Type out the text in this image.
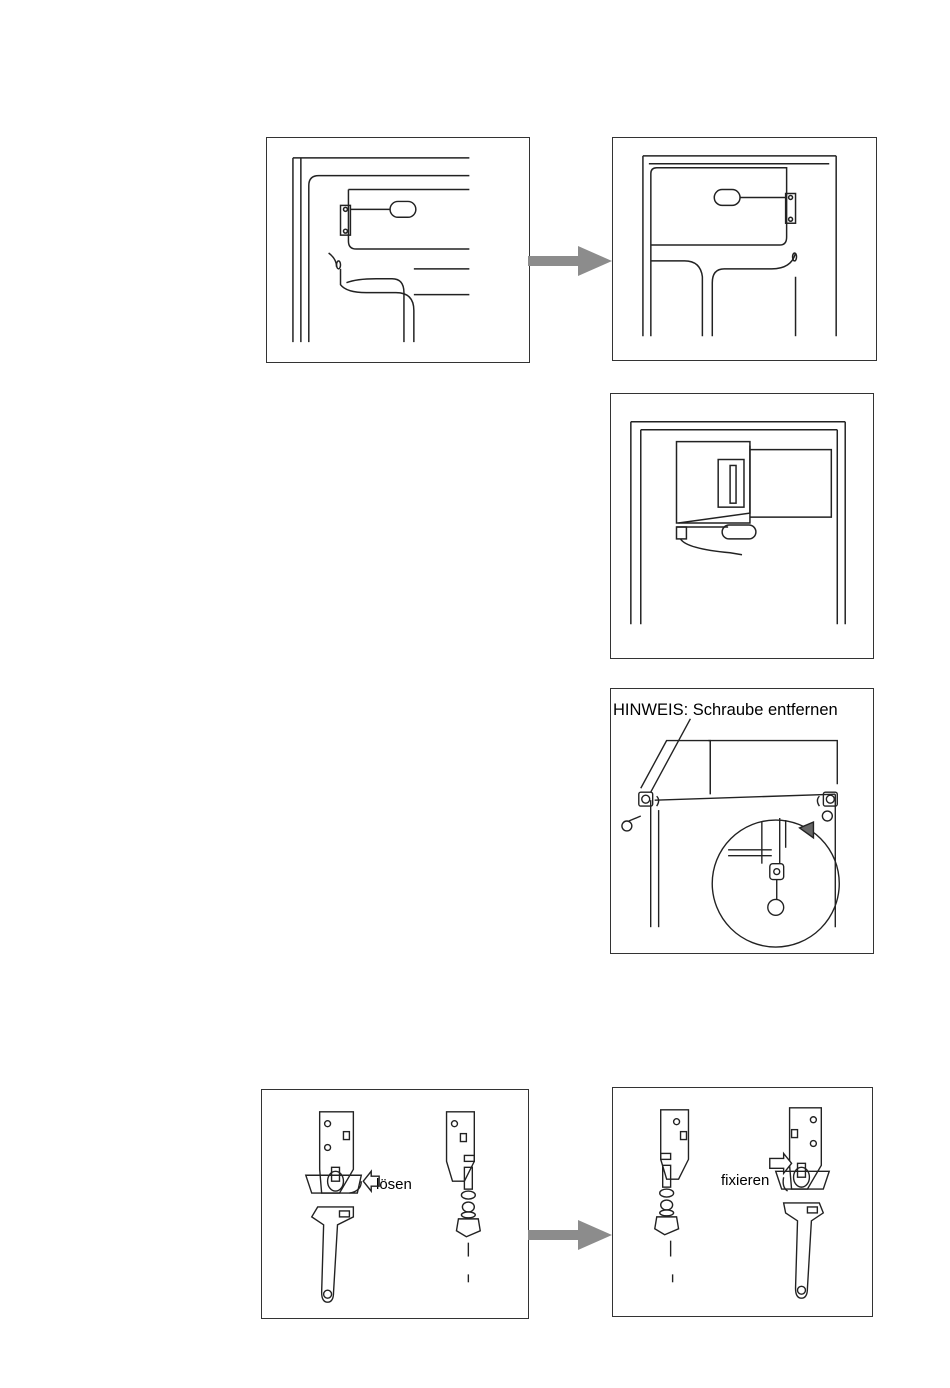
HINWEIS: Schraube entfernen
lösen	fixieren
